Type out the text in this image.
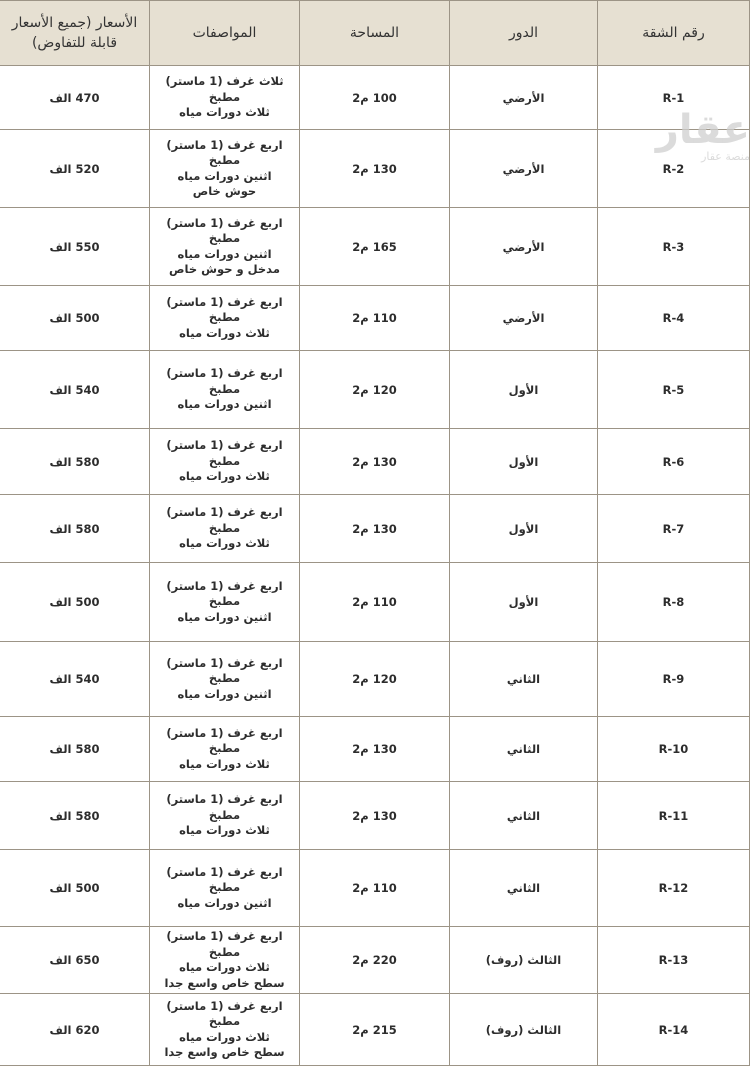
رقم الشقة	الدور	المساحة	المواصفات	الأسعار (جميع الأسعار
قابلة للتفاوض)

R-1	الأرضي	100 م2	ثلاث غرف (1 ماستر)
مطبخ
ثلاث دورات مياه	470 الف
R-2	الأرضي	130 م2	اربع غرف (1 ماستر)
مطبخ
اثنين دورات مياه
حوش خاص	520 الف
R-3	الأرضي	165 م2	اربع غرف (1 ماستر)
مطبخ
اثنين دورات مياه
مدخل و حوش خاص	550 الف
R-4	الأرضي	110 م2	اربع غرف (1 ماستر)
مطبخ
ثلاث دورات مياه	500 الف
R-5	الأول	120 م2	اربع غرف (1 ماستر)
مطبخ
اثنين دورات مياه	540 الف
R-6	الأول	130 م2	اربع غرف (1 ماستر)
مطبخ
ثلاث دورات مياه	580 الف
R-7	الأول	130 م2	اربع غرف (1 ماستر)
مطبخ
ثلاث دورات مياه	580 الف
R-8	الأول	110 م2	اربع غرف (1 ماستر)
مطبخ
اثنين دورات مياه	500 الف
R-9	الثاني	120 م2	اربع غرف (1 ماستر)
مطبخ
اثنين دورات مياه	540 الف
R-10	الثاني	130 م2	اربع غرف (1 ماستر)
مطبخ
ثلاث دورات مياه	580 الف
R-11	الثاني	130 م2	اربع غرف (1 ماستر)
مطبخ
ثلاث دورات مياه	580 الف
R-12	الثاني	110 م2	اربع غرف (1 ماستر)
مطبخ
اثنين دورات مياه	500 الف
R-13	الثالث (روف)	220 م2	اربع غرف (1 ماستر)
مطبخ
ثلاث دورات مياه
سطح خاص واسع جدا	650 الف
R-14	الثالث (روف)	215 م2	اربع غرف (1 ماستر)
مطبخ
ثلاث دورات مياه
سطح خاص واسع جدا	620 الف
عقار
منصة عقار
